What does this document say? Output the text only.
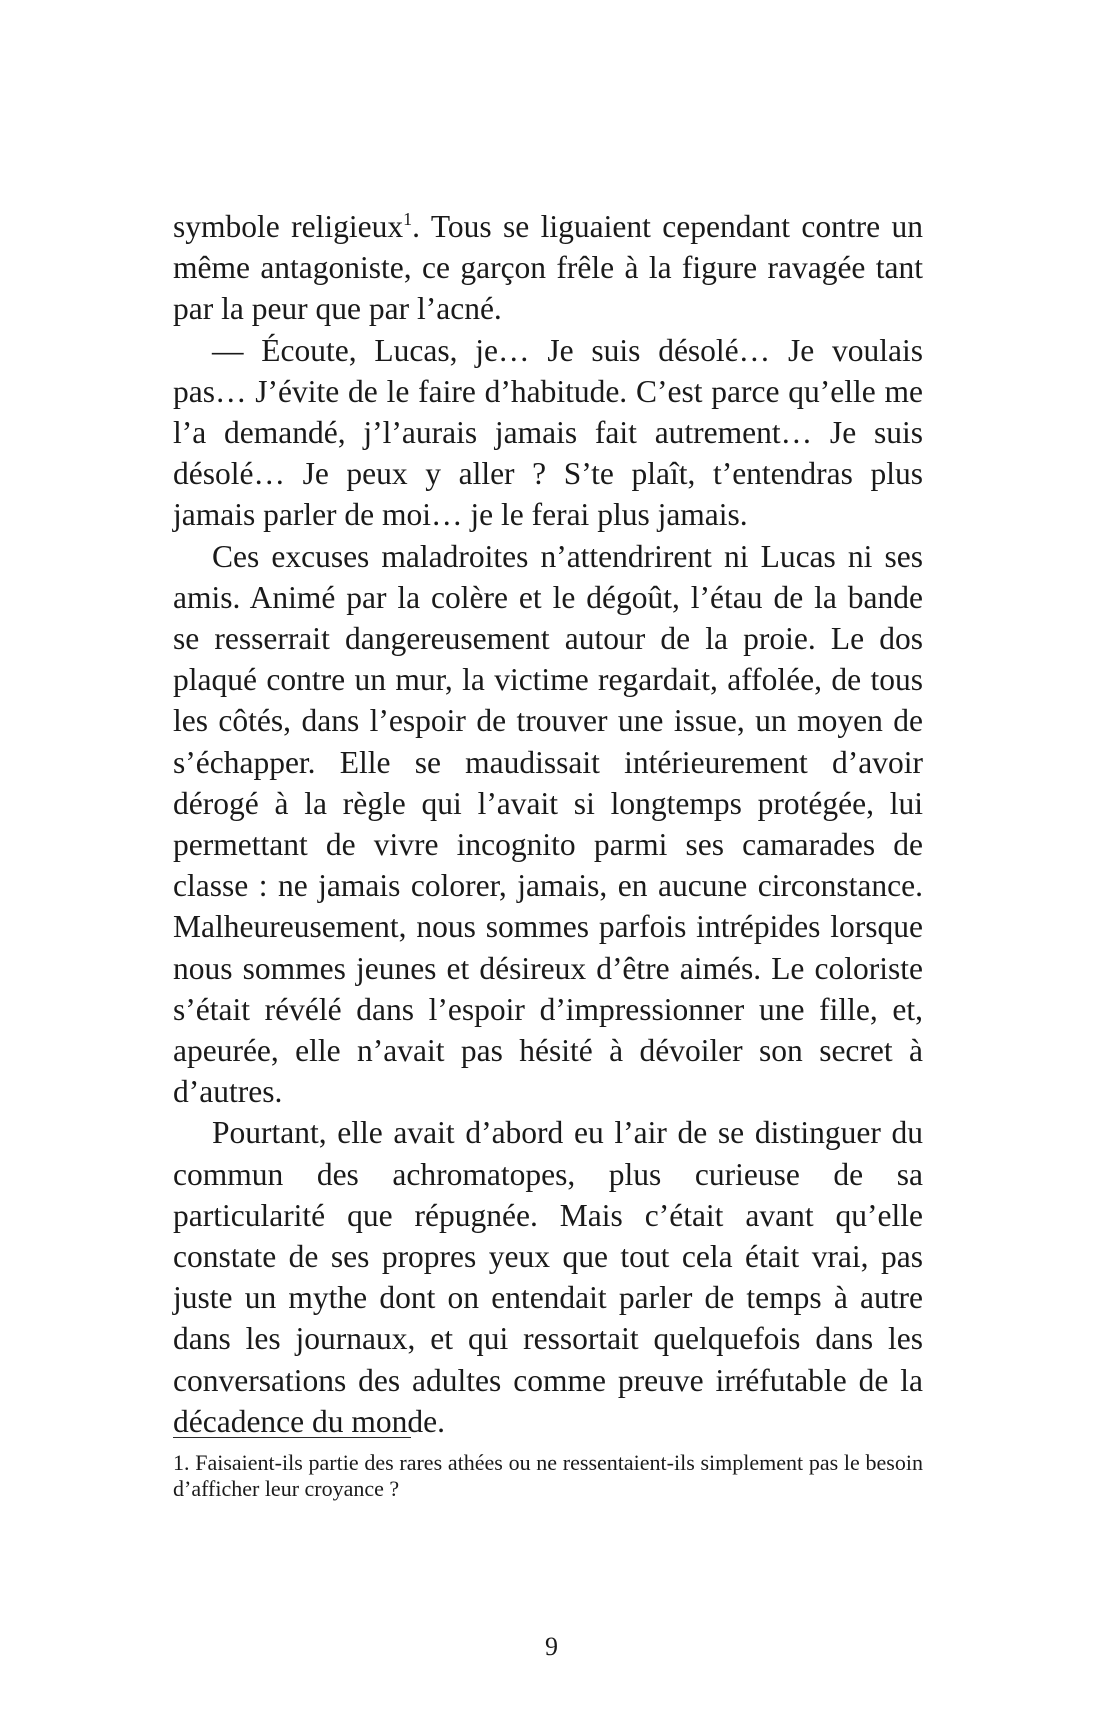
symbole religieux$^1$. Tous se liguaient cependant contre un même antagoniste, ce garçon frêle à la figure ravagée tant par la peur que par l’acné.

— Écoute, Lucas, je… Je suis désolé… Je voulais pas… J’évite de le faire d’habitude. C’est parce qu’elle me l’a demandé, j’l’aurais jamais fait autrement… Je suis désolé… Je peux y aller ? S’te plaît, t’entendras plus jamais parler de moi… je le ferai plus jamais.

Ces excuses maladroites n’attendrirent ni Lucas ni ses amis. Animé par la colère et le dégoût, l’étau de la bande se resserrait dangereusement autour de la proie. Le dos plaqué contre un mur, la victime regardait, affolée, de tous les côtés, dans l’espoir de trouver une issue, un moyen de s’échapper. Elle se maudissait intérieurement d’avoir dérogé à la règle qui l’avait si longtemps protégée, lui permettant de vivre incognito parmi ses camarades de classe : ne jamais colorer, jamais, en aucune circonstance. Malheureusement, nous sommes parfois intrépides lorsque nous sommes jeunes et désireux d’être aimés. Le coloriste s’était révélé dans l’espoir d’impressionner une fille, et, apeurée, elle n’avait pas hésité à dévoiler son secret à d’autres.

Pourtant, elle avait d’abord eu l’air de se distinguer du commun des achromatopes, plus curieuse de sa particularité que répugnée. Mais c’était avant qu’elle constate de ses propres yeux que tout cela était vrai, pas juste un mythe dont on entendait parler de temps à autre dans les journaux, et qui ressortait quelquefois dans les conversations des adultes comme preuve irréfutable de la décadence du monde.

1. Faisaient-ils partie des rares athées ou ne ressentaient-ils simplement pas le besoin d’afficher leur croyance ?

9
